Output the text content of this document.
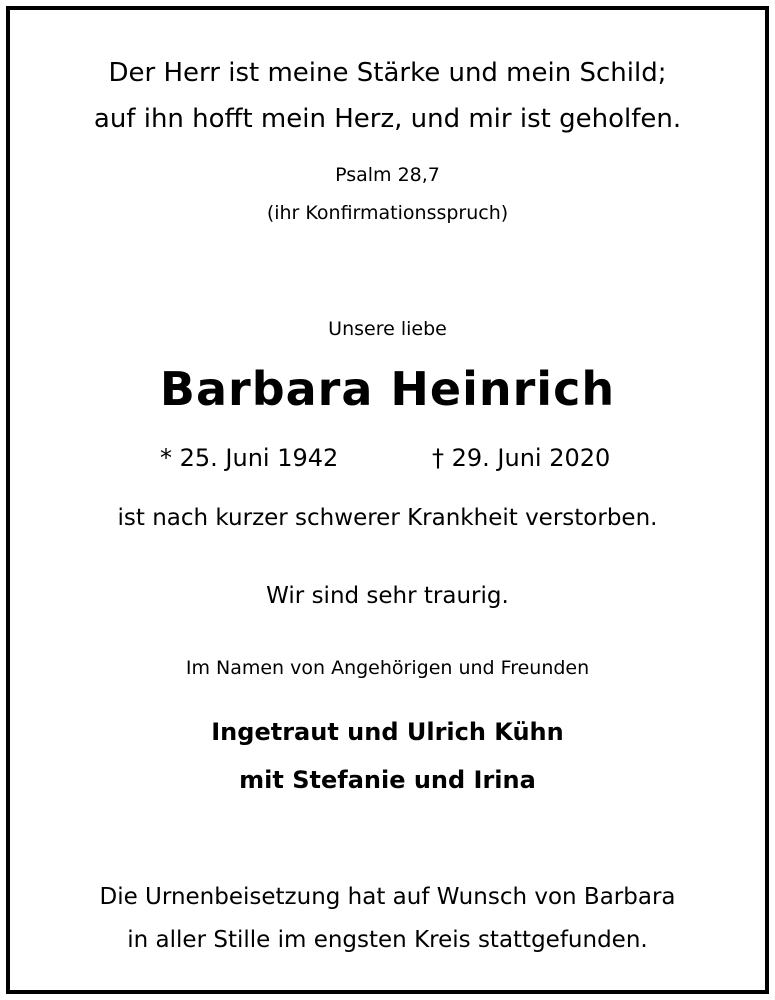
Der Herr ist meine Stärke und mein Schild;
auf ihn hofft mein Herz, und mir ist geholfen.
Psalm 28,7
(ihr Konfirmationsspruch)
Unsere liebe
Barbara Heinrich
* 25. Juni 1942	† 29. Juni 2020
ist nach kurzer schwerer Krankheit verstorben.
Wir sind sehr traurig.
Im Namen von Angehörigen und Freunden
Ingetraut und Ulrich Kühn
mit Stefanie und Irina
Die Urnenbeisetzung hat auf Wunsch von Barbara
in aller Stille im engsten Kreis stattgefunden.
